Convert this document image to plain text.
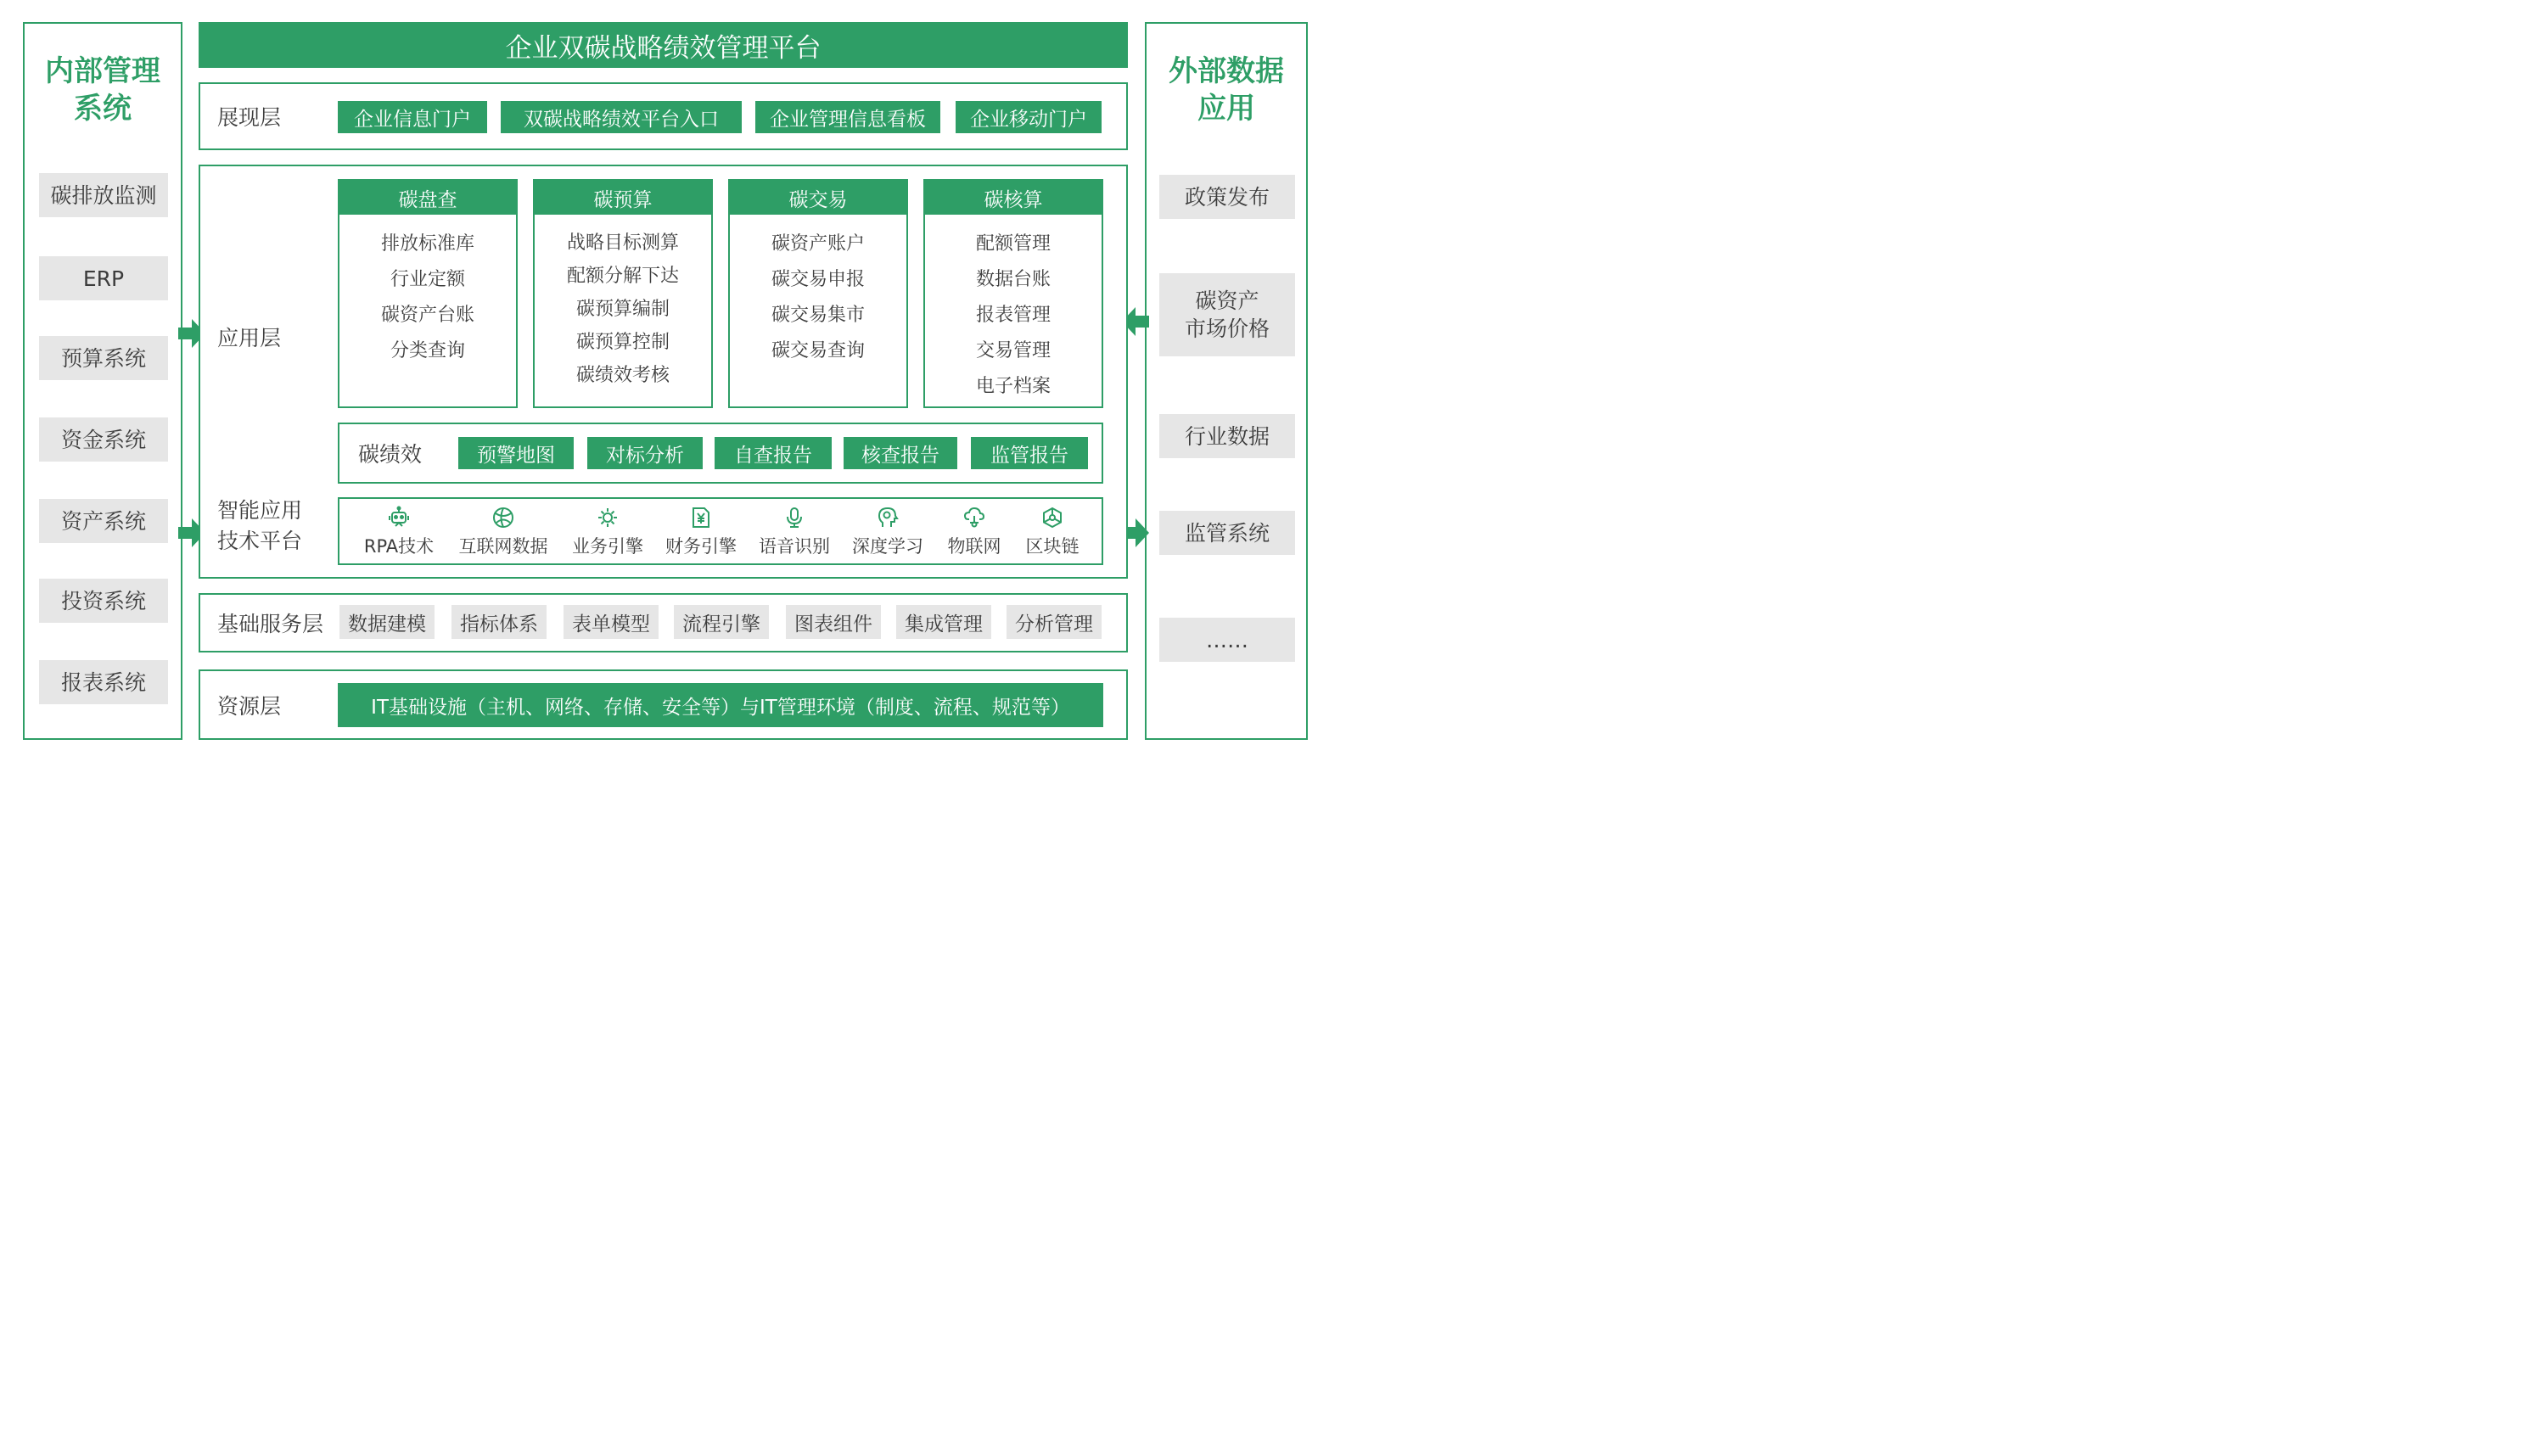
内部管理
系统
碳排放监测
ERP
预算系统
资金系统
资产系统
投资系统
报表系统
外部数据
应用
政策发布
碳资产
市场价格
行业数据
监管系统
……
企业双碳战略绩效管理平台
展现层	企业信息门户	双碳战略绩效平台入口	企业管理信息看板	企业移动门户
应用层
碳盘查
排放标准库
行业定额
碳资产台账
分类查询
碳预算
战略目标测算
配额分解下达
碳预算编制
碳预算控制
碳绩效考核
碳交易
碳资产账户
碳交易申报
碳交易集市
碳交易查询
碳核算
配额管理
数据台账
报表管理
交易管理
电子档案
碳绩效	预警地图	对标分析	自查报告	核查报告	监管报告
智能应用
技术平台	RPA技术 互联网数据 业务引擎 财务引擎 语音识别 深度学习 物联网 区块链
基础服务层	数据建模	指标体系	表单模型	流程引擎	图表组件	集成管理	分析管理
资源层	IT基础设施（主机、网络、存储、安全等）与IT管理环境（制度、流程、规范等）
